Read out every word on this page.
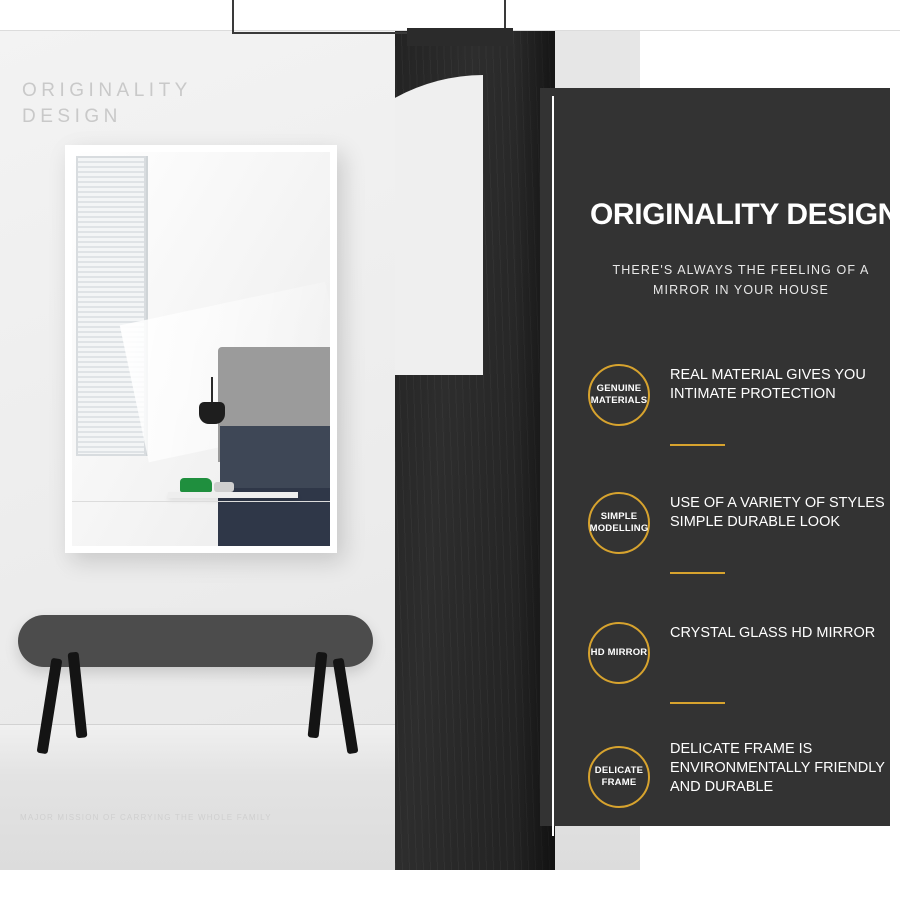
ORIGINALITY
DESIGN
MAJOR MISSION OF CARRYING THE WHOLE FAMILY
ORIGINALITY DESIGN
THERE'S ALWAYS THE FEELING OF A MIRROR IN YOUR HOUSE
GENUINE
MATERIALS
REAL MATERIAL GIVES YOU INTIMATE PROTECTION
SIMPLE
MODELLING
USE OF A VARIETY OF STYLES SIMPLE DURABLE LOOK
HD MIRROR
CRYSTAL GLASS HD MIRROR
DELICATE
FRAME
DELICATE FRAME IS ENVIRONMENTALLY FRIENDLY AND DURABLE
